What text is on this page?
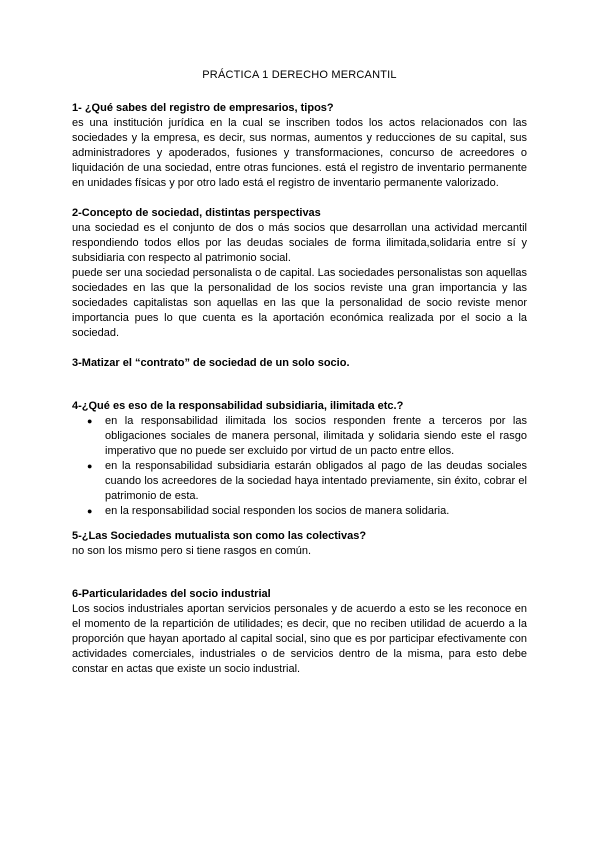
PRÁCTICA 1 DERECHO MERCANTIL
1- ¿Qué sabes del registro de empresarios, tipos?
es una institución jurídica en la cual se inscriben todos los actos relacionados con las sociedades y la empresa, es decir, sus normas, aumentos y reducciones de su capital, sus administradores y apoderados, fusiones y transformaciones, concurso de acreedores o liquidación de una sociedad, entre otras funciones. está el registro de inventario permanente en unidades físicas y por otro lado está el registro de inventario permanente valorizado.
2-Concepto de sociedad, distintas perspectivas
una sociedad es el conjunto de dos o más socios que desarrollan una actividad mercantil respondiendo todos ellos por las deudas sociales de forma ilimitada,solidaria entre sí y subsidiaria con respecto al patrimonio social.
puede ser una sociedad personalista o de capital. Las sociedades personalistas son aquellas sociedades en las que la personalidad de los socios reviste una gran importancia y las sociedades capitalistas son aquellas en las que la personalidad de socio reviste menor importancia pues lo que cuenta es la aportación económica realizada por el socio a la sociedad.
3-Matizar el “contrato” de sociedad de un solo socio.
4-¿Qué es eso de la responsabilidad subsidiaria, ilimitada etc.?
● en la responsabilidad ilimitada los socios responden frente a terceros por las obligaciones sociales de manera personal, ilimitada y solidaria siendo este el rasgo imperativo que no puede ser excluido por virtud de un pacto entre ellos.
● en la responsabilidad subsidiaria estarán obligados al pago de las deudas sociales cuando los acreedores de la sociedad haya intentado previamente, sin éxito, cobrar el patrimonio de esta.
● en la responsabilidad social responden los socios de manera solidaria.
5-¿Las Sociedades mutualista son como las colectivas?
no son los mismo pero si tiene rasgos en común.
6-Particularidades del socio industrial
Los socios industriales aportan servicios personales y de acuerdo a esto se les reconoce en el momento de la repartición de utilidades; es decir, que no reciben utilidad de acuerdo a la proporción que hayan aportado al capital social, sino que es por participar efectivamente con actividades comerciales, industriales o de servicios dentro de la misma, para esto debe constar en actas que existe un socio industrial.
